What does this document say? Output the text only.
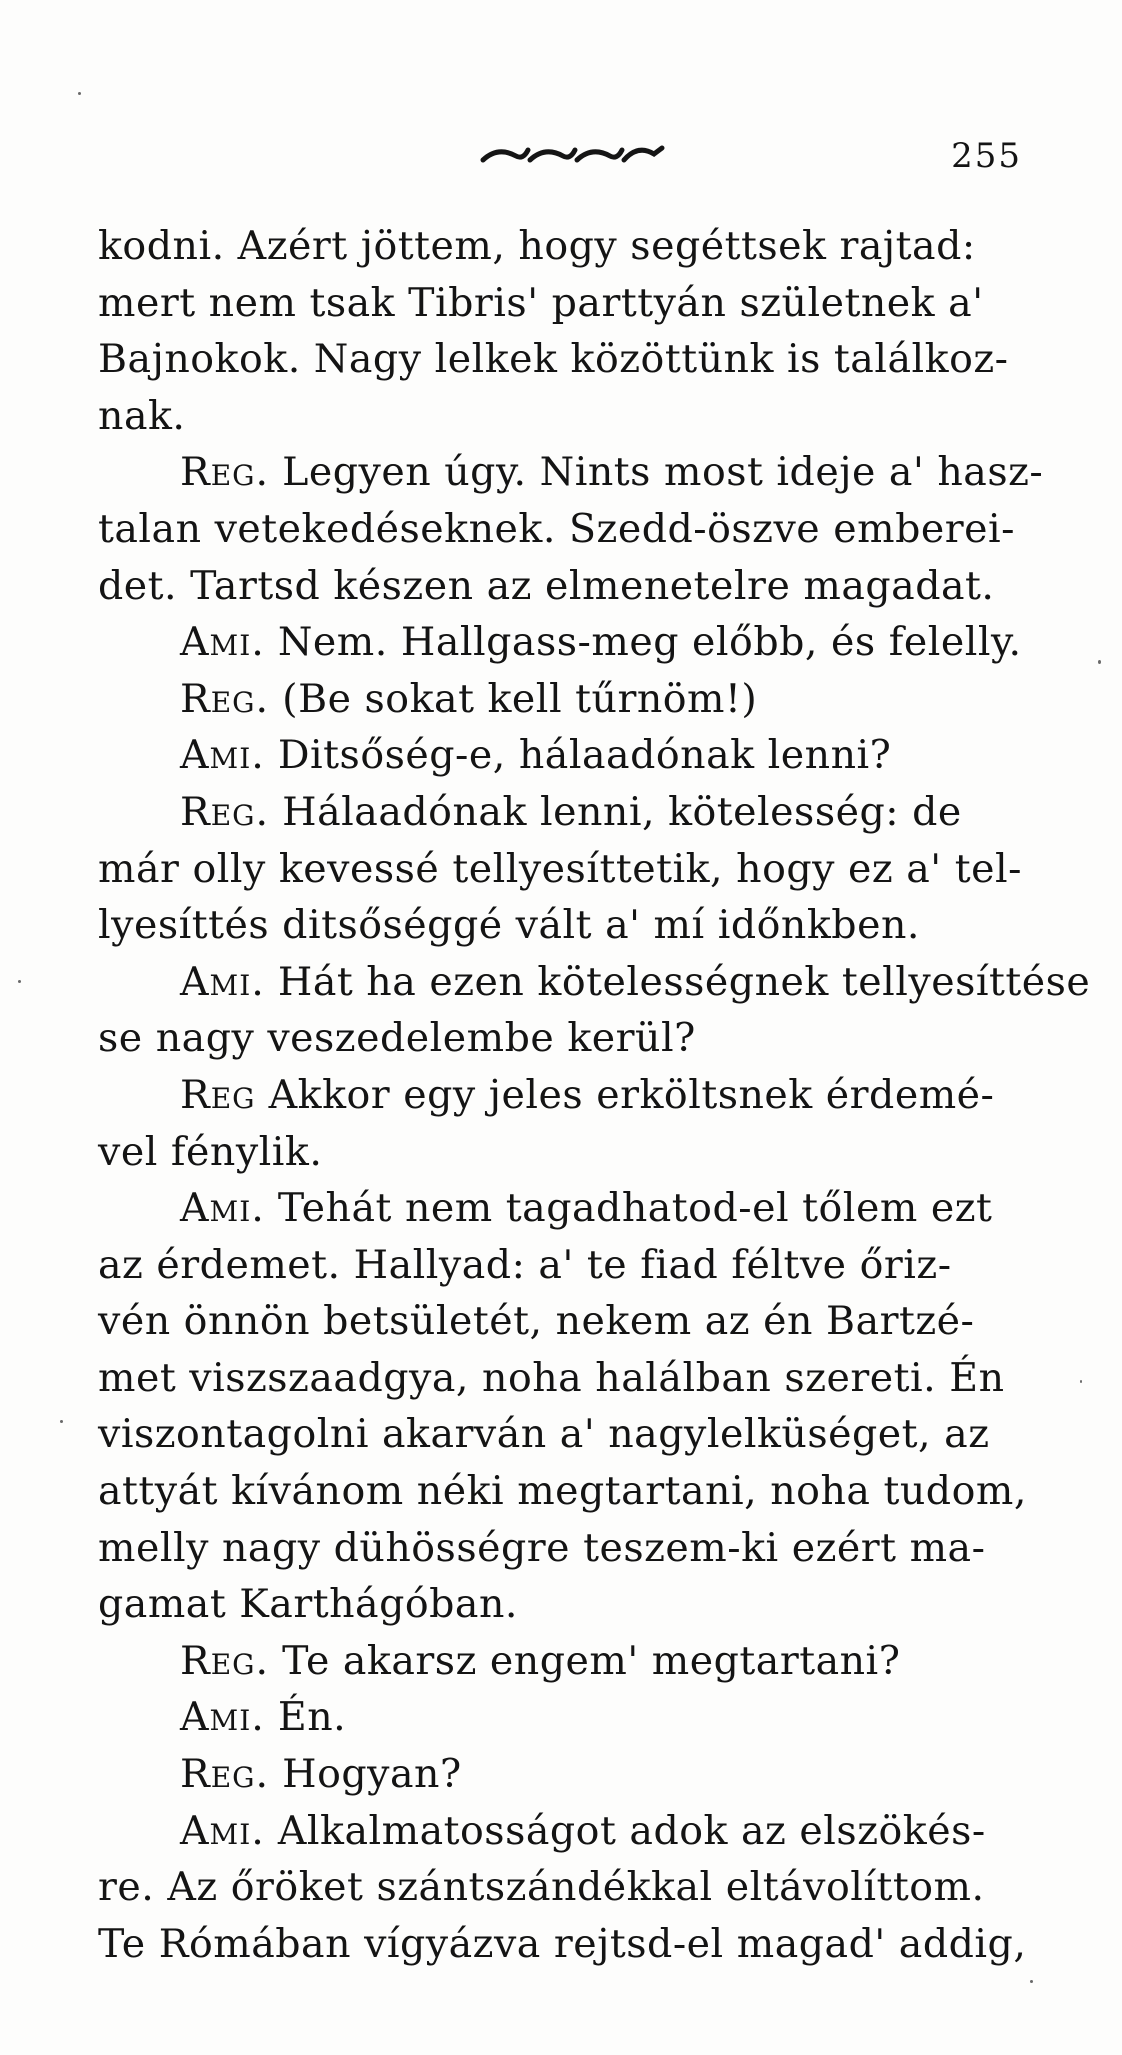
255
kodni. Azért jöttem, hogy segéttsek rajtad:
mert nem tsak Tibris' parttyán születnek a'
Bajnokok. Nagy lelkek közöttünk is találkoz-
nak.
Reg. Legyen úgy. Nints most ideje a' hasz-
talan vetekedéseknek. Szedd-öszve emberei-
det. Tartsd készen az elmenetelre magadat.
Ami. Nem. Hallgass-meg előbb, és felelly.
Reg. (Be sokat kell tűrnöm!)
Ami. Ditsőség-e, hálaadónak lenni?
Reg. Hálaadónak lenni, kötelesség: de
már olly kevessé tellyesíttetik, hogy ez a' tel-
lyesíttés ditsőséggé vált a' mí időnkben.
Ami. Hát ha ezen kötelességnek tellyesíttése
se nagy veszedelembe kerül?
Reg Akkor egy jeles erköltsnek érdemé-
vel fénylik.
Ami. Tehát nem tagadhatod-el tőlem ezt
az érdemet. Hallyad: a' te fiad féltve őriz-
vén önnön betsületét, nekem az én Bartzé-
met viszszaadgya, noha halálban szereti. Én
viszontagolni akarván a' nagylelküséget, az
attyát kívánom néki megtartani, noha tudom,
melly nagy dühösségre teszem-ki ezért ma-
gamat Karthágóban.
Reg. Te akarsz engem' megtartani?
Ami. Én.
Reg. Hogyan?
Ami. Alkalmatosságot adok az elszökés-
re. Az őröket szántszándékkal eltávolíttom.
Te Rómában vígyázva rejtsd-el magad' addig,
